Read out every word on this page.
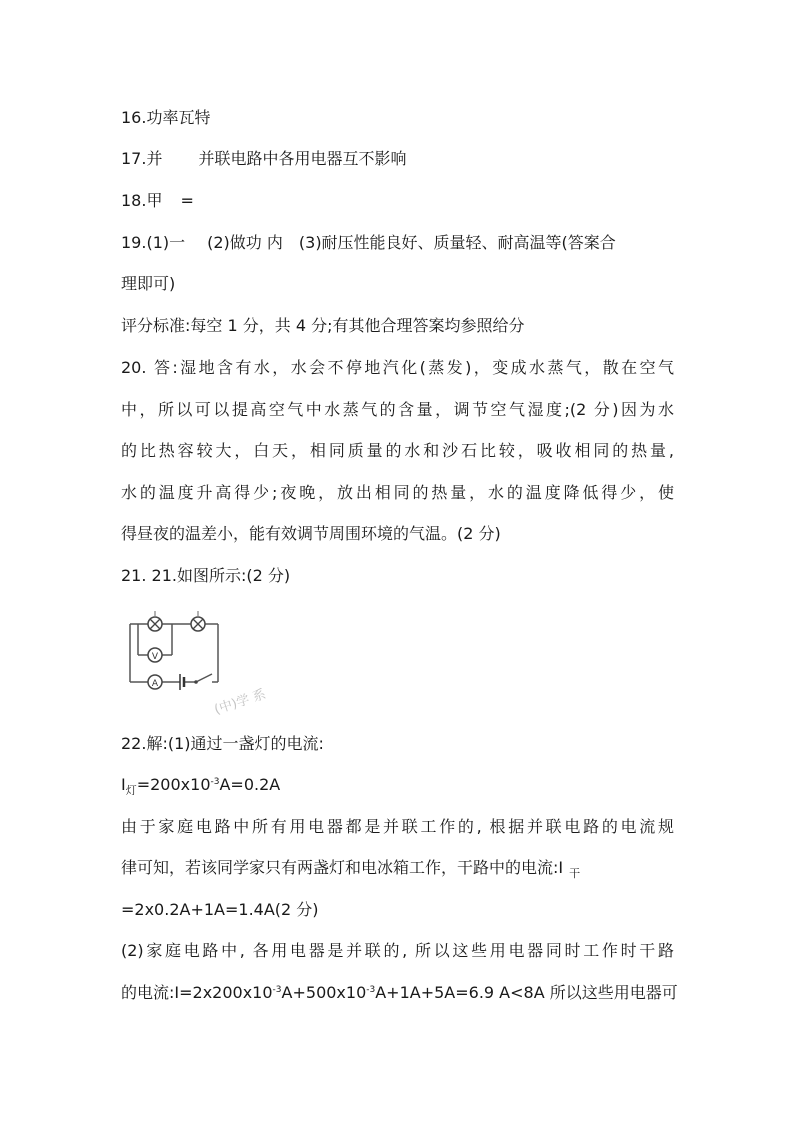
16.功率瓦特
17.并 并联电路中各用电器互不影响
18.甲 =
19.(1)一 (2)做功 内 (3)耐压性能良好、质量轻、耐高温等(答案合
理即可)
评分标准:每空 1 分，共 4 分;有其他合理答案均参照给分
20. 答:湿地含有水，水会不停地汽化(蒸发)，变成水蒸气，散在空气
中，所以可以提高空气中水蒸气的含量，调节空气湿度;(2 分)因为水
的比热容较大，白天，相同质量的水和沙石比较，吸收相同的热量,
水的温度升高得少;夜晚，放出相同的热量，水的温度降低得少，使
得昼夜的温差小，能有效调节周围环境的气温。(2 分)
21. 21.如图所示:(2 分)
V
A
(中)学 系
22.解:(1)通过一盏灯的电流:
$I_灯=200x10^{-3}A=0.2A$
由于家庭电路中所有用电器都是并联工作的, 根据并联电路的电流规
律可知，若该同学家只有两盏灯和电冰箱工作，干路中的电流:I $_干$
=2x0.2A+1A=1.4A(2 分)
(2)家庭电路中, 各用电器是并联的, 所以这些用电器同时工作时干路
的电流$:I=2x200x10^{-3}A+500x10^{-3}A+1A+5A=6.9$ A<8A 所以这些用电器可
